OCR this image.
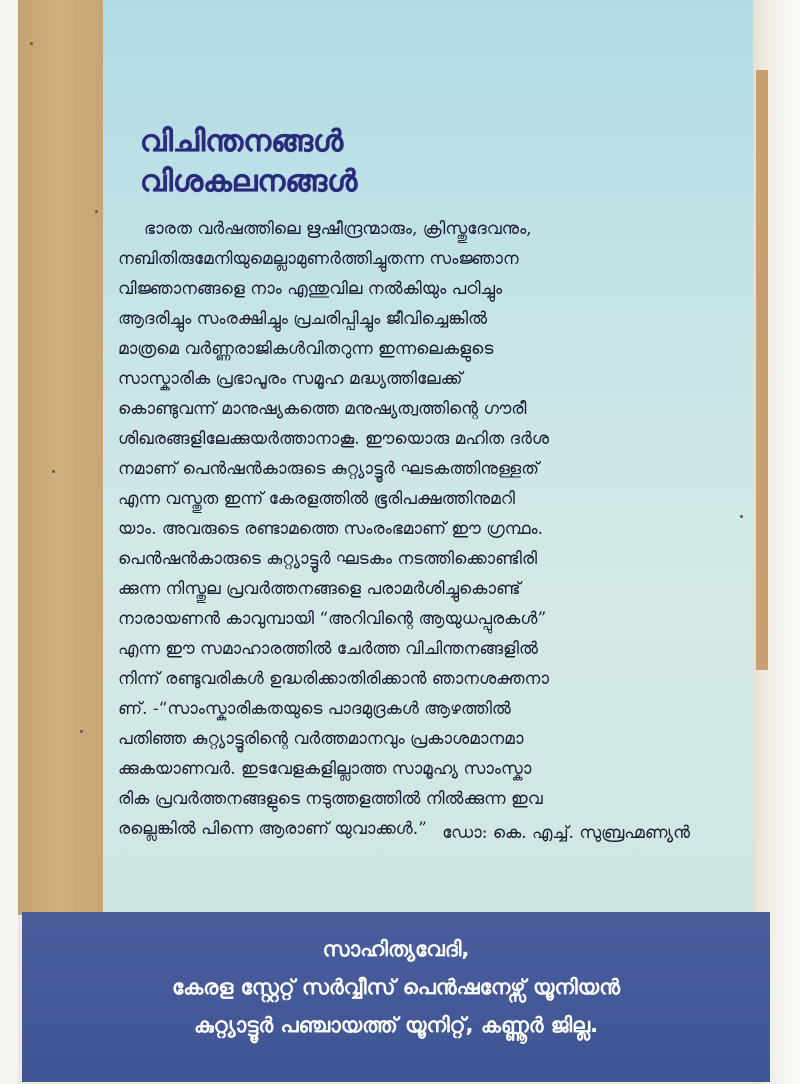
വിചിന്തനങ്ങൾ
വിശകലനങ്ങൾ
ഭാരത വർഷത്തിലെ ഋഷീന്ദ്രന്മാരും, ക്രിസ്തുദേവനും,
നബിതിരുമേനിയുമെല്ലാമുണർത്തിച്ചുതന്ന സംജ്ഞാന
വിജ്ഞാനങ്ങളെ നാം എന്തുവില നൽകിയും പഠിച്ചും
ആദരിച്ചും സംരക്ഷിച്ചും പ്രചരിപ്പിച്ചും ജീവിച്ചെങ്കിൽ
മാത്രമെ വർണ്ണരാജികൾവിതറുന്ന ഇന്നലെകളുടെ
സാസ്കാരിക പ്രഭാപൂരം സമൂഹ മദ്ധ്യത്തിലേക്ക്
കൊണ്ടുവന്ന് മാനുഷ്യകത്തെ മനുഷ്യത്വത്തിന്റെ ഗൗരീ
ശിഖരങ്ങളിലേക്കുയർത്താനാകൂ. ഈയൊരു മഹിത ദർശ
നമാണ് പെൻഷൻകാരുടെ കുറ്റ്യാട്ടൂർ ഘടകത്തിനുള്ളത്
എന്ന വസ്തുത ഇന്ന് കേരളത്തിൽ ഭൂരിപക്ഷത്തിനുമറി
യാം. അവരുടെ രണ്ടാമത്തെ സംരംഭമാണ് ഈ ഗ്രന്ഥം.
പെൻഷൻകാരുടെ കുറ്റ്യാട്ടൂർ ഘടകം നടത്തിക്കൊണ്ടിരി
ക്കുന്ന നിസ്തുല പ്രവർത്തനങ്ങളെ പരാമർശിച്ചുകൊണ്ട്
നാരായണൻ കാവുമ്പായി “അറിവിന്റെ ആയുധപ്പുരകൾ”
എന്ന ഈ സമാഹാരത്തിൽ ചേർത്ത വിചിന്തനങ്ങളിൽ
നിന്ന് രണ്ടുവരികൾ ഉദ്ധരിക്കാതിരിക്കാൻ ഞാനശക്തനാ
ണ്. -“സാംസ്കാരികതയുടെ പാദമുദ്രകൾ ആഴത്തിൽ
പതിഞ്ഞ കുറ്റ്യാട്ടൂരിന്റെ വർത്തമാനവും പ്രകാശമാനമാ
ക്കുകയാണവർ. ഇടവേളകളില്ലാത്ത സാമൂഹ്യ സാംസ്കാ
രിക പ്രവർത്തനങ്ങളുടെ നടുത്തളത്തിൽ നിൽക്കുന്ന ഇവ
രല്ലെങ്കിൽ പിന്നെ ആരാണ് യുവാക്കൾ.” ഡോ: കെ. എച്ച്. സുബ്രഹ്മണ്യൻ
സാഹിത്യവേദി,
കേരള സ്റ്റേറ്റ് സർവ്വീസ് പെൻഷനേഴ്സ് യൂനിയൻ
കുറ്റ്യാട്ടൂർ പഞ്ചായത്ത് യൂനിറ്റ്, കണ്ണൂർ ജില്ല.
